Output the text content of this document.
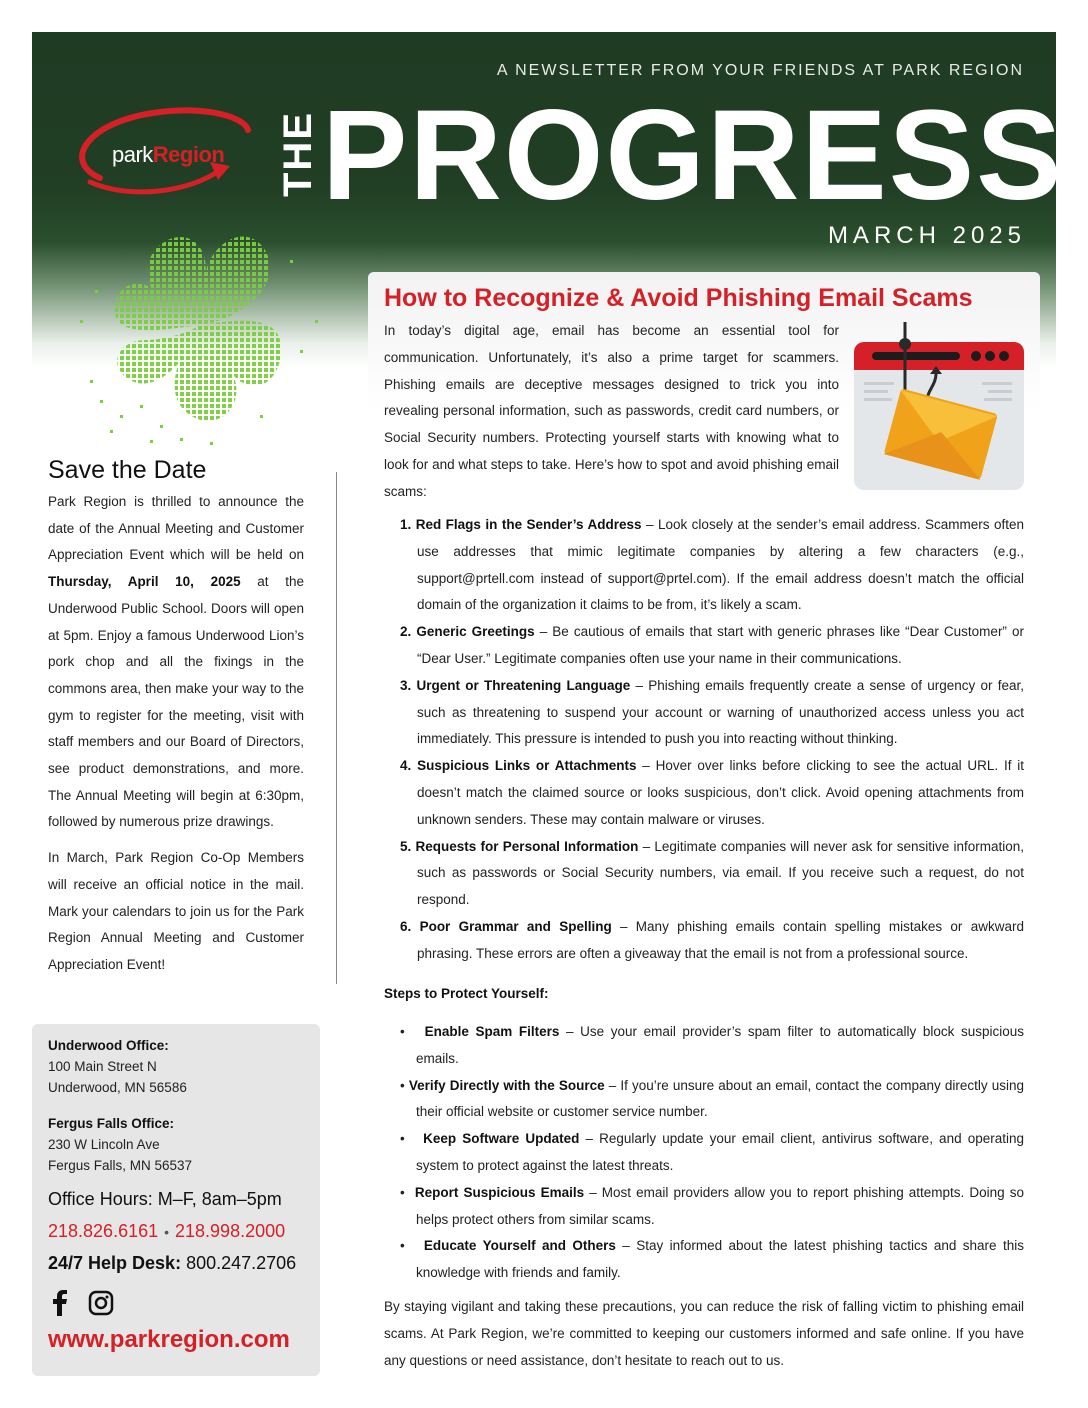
A NEWSLETTER FROM YOUR FRIENDS AT PARK REGION
THE PROGRESS
MARCH 2025
parkRegion
How to Recognize & Avoid Phishing Email Scams
In today’s digital age, email has become an essential tool for communication. Unfortunately, it’s also a prime target for scammers. Phishing emails are deceptive messages designed to trick you into revealing personal information, such as passwords, credit card numbers, or Social Security numbers. Protecting yourself starts with knowing what to look for and what steps to take. Here’s how to spot and avoid phishing email scams:
1. Red Flags in the Sender’s Address – Look closely at the sender’s email address. Scammers often use addresses that mimic legitimate companies by altering a few characters (e.g., support@prtell.com instead of support@prtel.com). If the email address doesn’t match the official domain of the organization it claims to be from, it’s likely a scam.
2. Generic Greetings – Be cautious of emails that start with generic phrases like “Dear Customer” or “Dear User.” Legitimate companies often use your name in their communications.
3. Urgent or Threatening Language – Phishing emails frequently create a sense of urgency or fear, such as threatening to suspend your account or warning of unauthorized access unless you act immediately. This pressure is intended to push you into reacting without thinking.
4. Suspicious Links or Attachments – Hover over links before clicking to see the actual URL. If it doesn’t match the claimed source or looks suspicious, don’t click. Avoid opening attachments from unknown senders. These may contain malware or viruses.
5. Requests for Personal Information – Legitimate companies will never ask for sensitive information, such as passwords or Social Security numbers, via email. If you receive such a request, do not respond.
6. Poor Grammar and Spelling – Many phishing emails contain spelling mistakes or awkward phrasing. These errors are often a giveaway that the email is not from a professional source.
Steps to Protect Yourself:
• Enable Spam Filters – Use your email provider’s spam filter to automatically block suspicious emails.
• Verify Directly with the Source – If you’re unsure about an email, contact the company directly using their official website or customer service number.
• Keep Software Updated – Regularly update your email client, antivirus software, and operating system to protect against the latest threats.
• Report Suspicious Emails – Most email providers allow you to report phishing attempts. Doing so helps protect others from similar scams.
• Educate Yourself and Others – Stay informed about the latest phishing tactics and share this knowledge with friends and family.
By staying vigilant and taking these precautions, you can reduce the risk of falling victim to phishing email scams. At Park Region, we’re committed to keeping our customers informed and safe online. If you have any questions or need assistance, don’t hesitate to reach out to us.
Save the Date

Park Region is thrilled to announce the date of the Annual Meeting and Customer Appreciation Event which will be held on Thursday, April 10, 2025 at the Underwood Public School. Doors will open at 5pm. Enjoy a famous Underwood Lion’s pork chop and all the fixings in the commons area, then make your way to the gym to register for the meeting, visit with staff members and our Board of Directors, see product demonstrations, and more. The Annual Meeting will begin at 6:30pm, followed by numerous prize drawings.

In March, Park Region Co-Op Members will receive an official notice in the mail. Mark your calendars to join us for the Park Region Annual Meeting and Customer Appreciation Event!

Underwood Office:
100 Main Street N
Underwood, MN 56586
Fergus Falls Office:
230 W Lincoln Ave
Fergus Falls, MN 56537
Office Hours: M–F, 8am–5pm
218.826.6161 • 218.998.2000
24/7 Help Desk: 800.247.2706

www.parkregion.com
